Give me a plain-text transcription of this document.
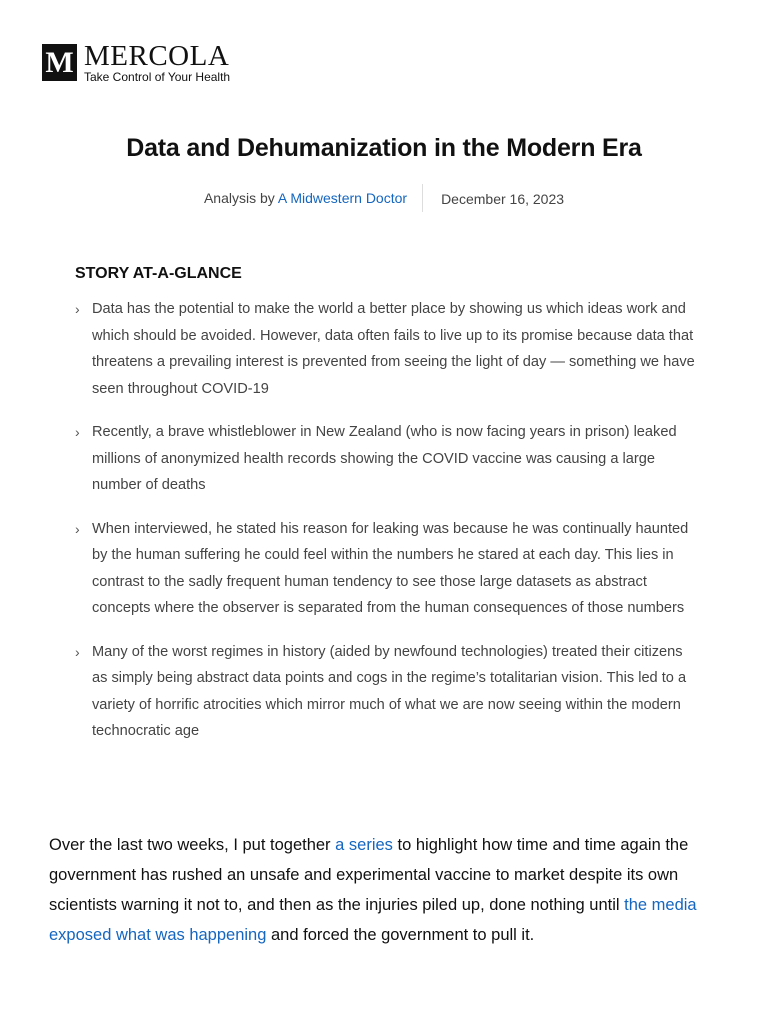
M MERCOLA
Take Control of Your Health
Data and Dehumanization in the Modern Era
Analysis by A Midwestern Doctor	December 16, 2023
STORY AT-A-GLANCE
› Data has the potential to make the world a better place by showing us which ideas work and which should be avoided. However, data often fails to live up to its promise because data that threatens a prevailing interest is prevented from seeing the light of day — something we have seen throughout COVID-19
› Recently, a brave whistleblower in New Zealand (who is now facing years in prison) leaked millions of anonymized health records showing the COVID vaccine was causing a large number of deaths
› When interviewed, he stated his reason for leaking was because he was continually haunted by the human suffering he could feel within the numbers he stared at each day. This lies in contrast to the sadly frequent human tendency to see those large datasets as abstract concepts where the observer is separated from the human consequences of those numbers
› Many of the worst regimes in history (aided by newfound technologies) treated their citizens as simply being abstract data points and cogs in the regime’s totalitarian vision. This led to a variety of horrific atrocities which mirror much of what we are now seeing within the modern technocratic age

Over the last two weeks, I put together a series to highlight how time and time again the government has rushed an unsafe and experimental vaccine to market despite its own scientists warning it not to, and then as the injuries piled up, done nothing until the media exposed what was happening and forced the government to pull it.
